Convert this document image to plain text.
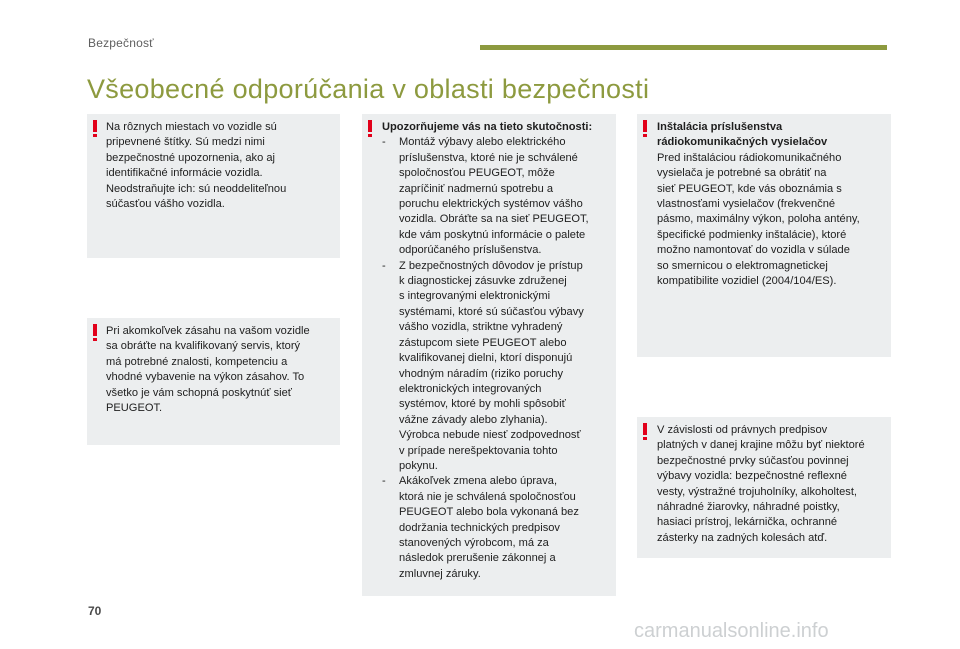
Bezpečnosť
Všeobecné odporúčania v oblasti bezpečnosti

Na rôznych miestach vo vozidle sú
pripevnené štítky. Sú medzi nimi
bezpečnostné upozornenia, ako aj
identifikačné informácie vozidla.
Neodstraňujte ich: sú neoddeliteľnou
súčasťou vášho vozidla.

Pri akomkoľvek zásahu na vašom vozidle
sa obráťte na kvalifikovaný servis, ktorý
má potrebné znalosti, kompetenciu a
vhodné vybavenie na výkon zásahov. To
všetko je vám schopná poskytnúť sieť
PEUGEOT.

Upozorňujeme vás na tieto skutočnosti:

- Montáž výbavy alebo elektrického
príslušenstva, ktoré nie je schválené
spoločnosťou PEUGEOT, môže
zapríčiniť nadmernú spotrebu a
poruchu elektrických systémov vášho
vozidla. Obráťte sa na sieť PEUGEOT,
kde vám poskytnú informácie o palete
odporúčaného príslušenstva.
- Z bezpečnostných dôvodov je prístup
k diagnostickej zásuvke združenej
s integrovanými elektronickými
systémami, ktoré sú súčasťou výbavy
vášho vozidla, striktne vyhradený
zástupcom siete PEUGEOT alebo
kvalifikovanej dielni, ktorí disponujú
vhodným náradím (riziko poruchy
elektronických integrovaných
systémov, ktoré by mohli spôsobiť
vážne závady alebo zlyhania).
Výrobca nebude niesť zodpovednosť
v prípade nerešpektovania tohto
pokynu.
- Akákoľvek zmena alebo úprava,
ktorá nie je schválená spoločnosťou
PEUGEOT alebo bola vykonaná bez
dodržania technických predpisov
stanovených výrobcom, má za
následok prerušenie zákonnej a
zmluvnej záruky.

Inštalácia príslušenstva
rádiokomunikačných vysielačov

Pred inštaláciou rádiokomunikačného
vysielača je potrebné sa obrátiť na
sieť PEUGEOT, kde vás oboznámia s
vlastnosťami vysielačov (frekvenčné
pásmo, maximálny výkon, poloha antény,
špecifické podmienky inštalácie), ktoré
možno namontovať do vozidla v súlade
so smernicou o elektromagnetickej
kompatibilite vozidiel (2004/104/ES).

V závislosti od právnych predpisov
platných v danej krajine môžu byť niektoré
bezpečnostné prvky súčasťou povinnej
výbavy vozidla: bezpečnostné reflexné
vesty, výstražné trojuholníky, alkoholtest,
náhradné žiarovky, náhradné poistky,
hasiaci prístroj, lekárnička, ochranné
zásterky na zadných kolesách atď.

70
carmanualsonline.info
